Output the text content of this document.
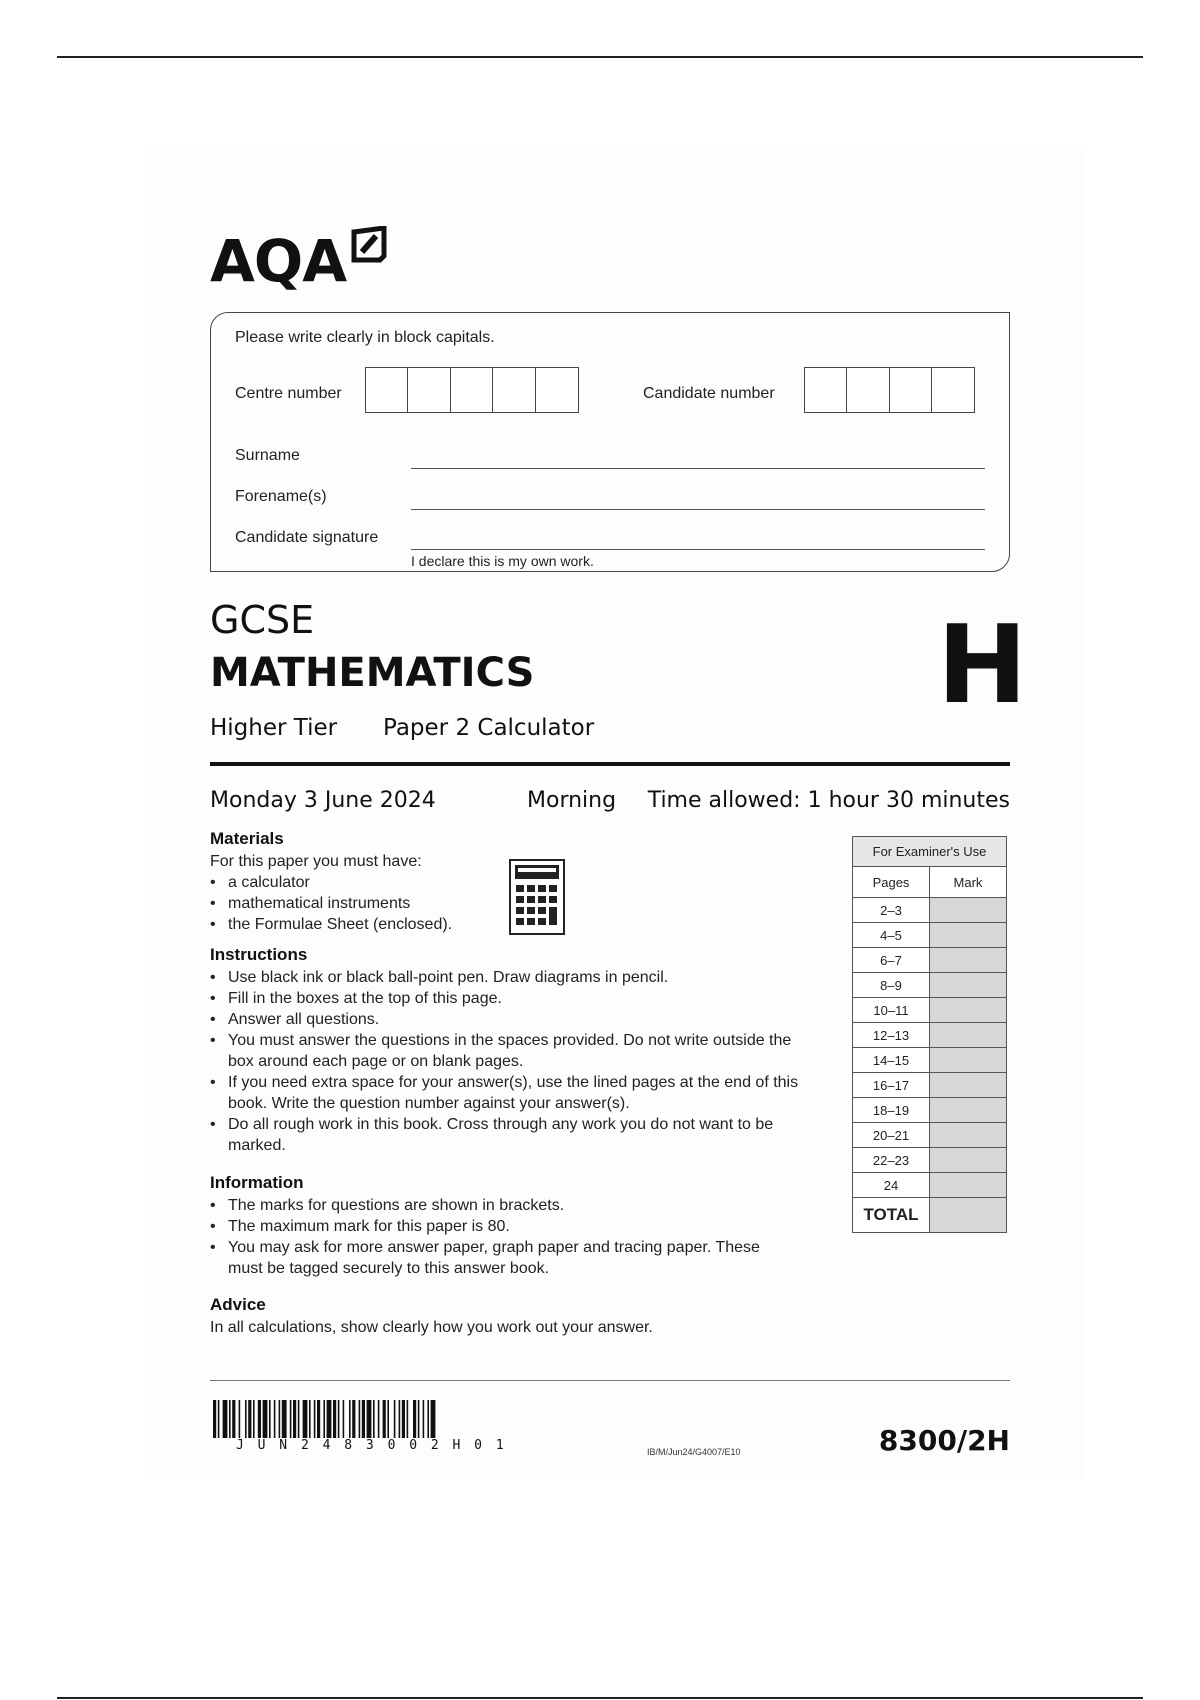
AQA
Please write clearly in block capitals.
Centre number	Candidate number
Surname
Forename(s)
Candidate signature
I declare this is my own work.
GCSE
MATHEMATICS
Higher Tier Paper 2 Calculator	H
Monday 3 June 2024	Morning Time allowed: 1 hour 30 minutes
Materials

For this paper you must have:

• a calculator
• mathematical instruments
• the Formulae Sheet (enclosed).
Instructions
• Use black ink or black ball-point pen. Draw diagrams in pencil.
• Fill in the boxes at the top of this page.
• Answer all questions.
• You must answer the questions in the spaces provided. Do not write outside the box around each page or on blank pages.
• If you need extra space for your answer(s), use the lined pages at the end of this book. Write the question number against your answer(s).
• Do all rough work in this book. Cross through any work you do not want to be marked.
Information
• The marks for questions are shown in brackets.
• The maximum mark for this paper is 80.
• You may ask for more answer paper, graph paper and tracing paper. These must be tagged securely to this answer book.
Advice

In all calculations, show clearly how you work out your answer.

For Examiner's Use	
Pages	Mark
2–3	
4–5	
6–7	
8–9	
10–11	
12–13	
14–15	
16–17	
18–19	
20–21	
22–23	
24	
TOTAL	
J U N 2 4 8 3 0 0 2 H 0 1	IB/M/Jun24/G4007/E10	8300/2H
